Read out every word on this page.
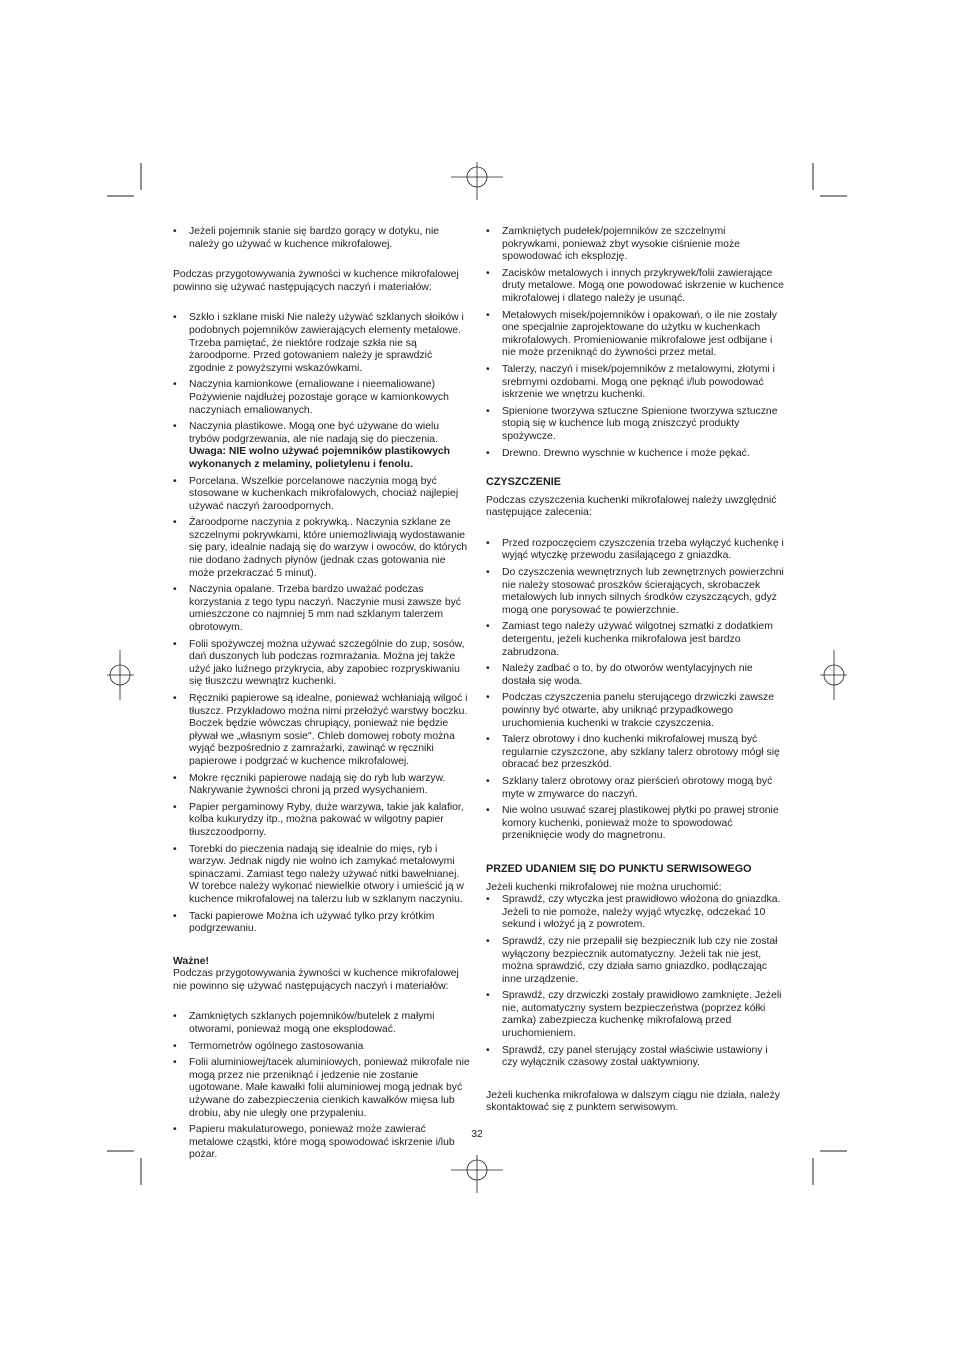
• Jeżeli pojemnik stanie się bardzo gorący w dotyku, nie należy go używać w kuchence mikrofalowej.

Podczas przygotowywania żywności w kuchence mikrofalowej powinno się używać następujących naczyń i materiałów:

• Szkło i szklane miski Nie należy używać szklanych słoików i podobnych pojemników zawierających elementy metalowe. Trzeba pamiętać, że niektóre rodzaje szkła nie są żaroodporne. Przed gotowaniem należy je sprawdzić zgodnie z powyższymi wskazówkami.
• Naczynia kamionkowe (emaliowane i nieemaliowane) Pożywienie najdłużej pozostaje gorące w kamionkowych naczyniach emaliowanych.
• Naczynia plastikowe. Mogą one być używane do wielu trybów podgrzewania, ale nie nadają się do pieczenia.
Uwaga: NIE wolno używać pojemników plastikowych wykonanych z melaminy, polietylenu i fenolu.
• Porcelana. Wszelkie porcelanowe naczynia mogą być stosowane w kuchenkach mikrofalowych, chociaż najlepiej używać naczyń żaroodpornych.
• Żaroodporne naczynia z pokrywką.. Naczynia szklane ze szczelnymi pokrywkami, które uniemożliwiają wydostawanie się pary, idealnie nadają się do warzyw i owoców, do których nie dodano żadnych płynów (jednak czas gotowania nie może przekraczać 5 minut).
• Naczynia opalane. Trzeba bardzo uważać podczas korzystania z tego typu naczyń. Naczynie musi zawsze być umieszczone co najmniej 5 mm nad szklanym talerzem obrotowym.
• Folii spożywczej można używać szczególnie do zup, sosów, dań duszonych lub podczas rozmrażania. Można jej także użyć jako luźnego przykrycia, aby zapobiec rozpryskiwaniu się tłuszczu wewnątrz kuchenki.
• Ręczniki papierowe są idealne, ponieważ wchłaniają wilgoć i tłuszcz. Przykładowo można nimi przełożyć warstwy boczku. Boczek będzie wówczas chrupiący, ponieważ nie będzie pływał we „własnym sosie". Chleb domowej roboty można wyjąć bezpośrednio z zamrażarki, zawinąć w ręczniki papierowe i podgrzać w kuchence mikrofalowej.
• Mokre ręczniki papierowe nadają się do ryb lub warzyw. Nakrywanie żywności chroni ją przed wysychaniem.
• Papier pergaminowy Ryby, duże warzywa, takie jak kalafior, kolba kukurydzy itp., można pakować w wilgotny papier tłuszczoodporny.
• Torebki do pieczenia nadają się idealnie do mięs, ryb i warzyw. Jednak nigdy nie wolno ich zamykać metalowymi spinaczami. Zamiast tego należy używać nitki bawełnianej. W torebce należy wykonać niewielkie otwory i umieścić ją w kuchence mikrofalowej na talerzu lub w szklanym naczyniu.
• Tacki papierowe Można ich używać tylko przy krótkim podgrzewaniu.

Ważne!

Podczas przygotowywania żywności w kuchence mikrofalowej nie powinno się używać następujących naczyń i materiałów:

• Zamkniętych szklanych pojemników/butelek z małymi otworami, ponieważ mogą one eksplodować.
• Termometrów ogólnego zastosowania
• Folii aluminiowej/tacek aluminiowych, ponieważ mikrofale nie mogą przez nie przeniknąć i jedzenie nie zostanie ugotowane. Małe kawałki folii aluminiowej mogą jednak być używane do zabezpieczenia cienkich kawałków mięsa lub drobiu, aby nie uległy one przypaleniu.
• Papieru makulaturowego, ponieważ może zawierać metalowe cząstki, które mogą spowodować iskrzenie i/lub pożar.
• Zamkniętych pudełek/pojemników ze szczelnymi pokrywkami, ponieważ zbyt wysokie ciśnienie może spowodować ich eksplozję.
• Zacisków metalowych i innych przykrywek/folii zawierające druty metalowe. Mogą one powodować iskrzenie w kuchence mikrofalowej i dlatego należy je usunąć.
• Metalowych misek/pojemników i opakowań, o ile nie zostały one specjalnie zaprojektowane do użytku w kuchenkach mikrofalowych. Promieniowanie mikrofalowe jest odbijane i nie może przeniknąć do żywności przez metal.
• Talerzy, naczyń i misek/pojemników z metalowymi, złotymi i srebrnymi ozdobami. Mogą one pęknąć i/lub powodować iskrzenie we wnętrzu kuchenki.
• Spienione tworzywa sztuczne Spienione tworzywa sztuczne stopią się w kuchence lub mogą zniszczyć produkty spożywcze.
• Drewno. Drewno wyschnie w kuchence i może pękać.
CZYSZCZENIE

Podczas czyszczenia kuchenki mikrofalowej należy uwzględnić następujące zalecenia:

• Przed rozpoczęciem czyszczenia trzeba wyłączyć kuchenkę i wyjąć wtyczkę przewodu zasilającego z gniazdka.
• Do czyszczenia wewnętrznych lub zewnętrznych powierzchni nie należy stosować proszków ścierających, skrobaczek metalowych lub innych silnych środków czyszczących, gdyż mogą one porysować te powierzchnie.
• Zamiast tego należy używać wilgotnej szmatki z dodatkiem detergentu, jeżeli kuchenka mikrofalowa jest bardzo zabrudzona.
• Należy zadbać o to, by do otworów wentylacyjnych nie dostała się woda.
• Podczas czyszczenia panelu sterującego drzwiczki zawsze powinny być otwarte, aby uniknąć przypadkowego uruchomienia kuchenki w trakcie czyszczenia.
• Talerz obrotowy i dno kuchenki mikrofalowej muszą być regularnie czyszczone, aby szklany talerz obrotowy mógł się obracać bez przeszkód.
• Szklany talerz obrotowy oraz pierścień obrotowy mogą być myte w zmywarce do naczyń.
• Nie wolno usuwać szarej plastikowej płytki po prawej stronie komory kuchenki, ponieważ może to spowodować przeniknięcie wody do magnetronu.
PRZED UDANIEM SIĘ DO PUNKTU SERWISOWEGO

Jeżeli kuchenki mikrofalowej nie można uruchomić:

• Sprawdź, czy wtyczka jest prawidłowo włożona do gniazdka. Jeżeli to nie pomoże, należy wyjąć wtyczkę, odczekać 10 sekund i włożyć ją z powrotem.
• Sprawdź, czy nie przepalił się bezpiecznik lub czy nie został wyłączony bezpiecznik automatyczny. Jeżeli tak nie jest, można sprawdzić, czy działa samo gniazdko, podłączając inne urządzenie.
• Sprawdź, czy drzwiczki zostały prawidłowo zamknięte. Jeżeli nie, automatyczny system bezpieczeństwa (poprzez kółki zamka) zabezpiecza kuchenkę mikrofalową przed uruchomieniem.
• Sprawdź, czy panel sterujący został właściwie ustawiony i czy wyłącznik czasowy został uaktywniony.

Jeżeli kuchenka mikrofalowa w dalszym ciągu nie działa, należy skontaktować się z punktem serwisowym.

32
